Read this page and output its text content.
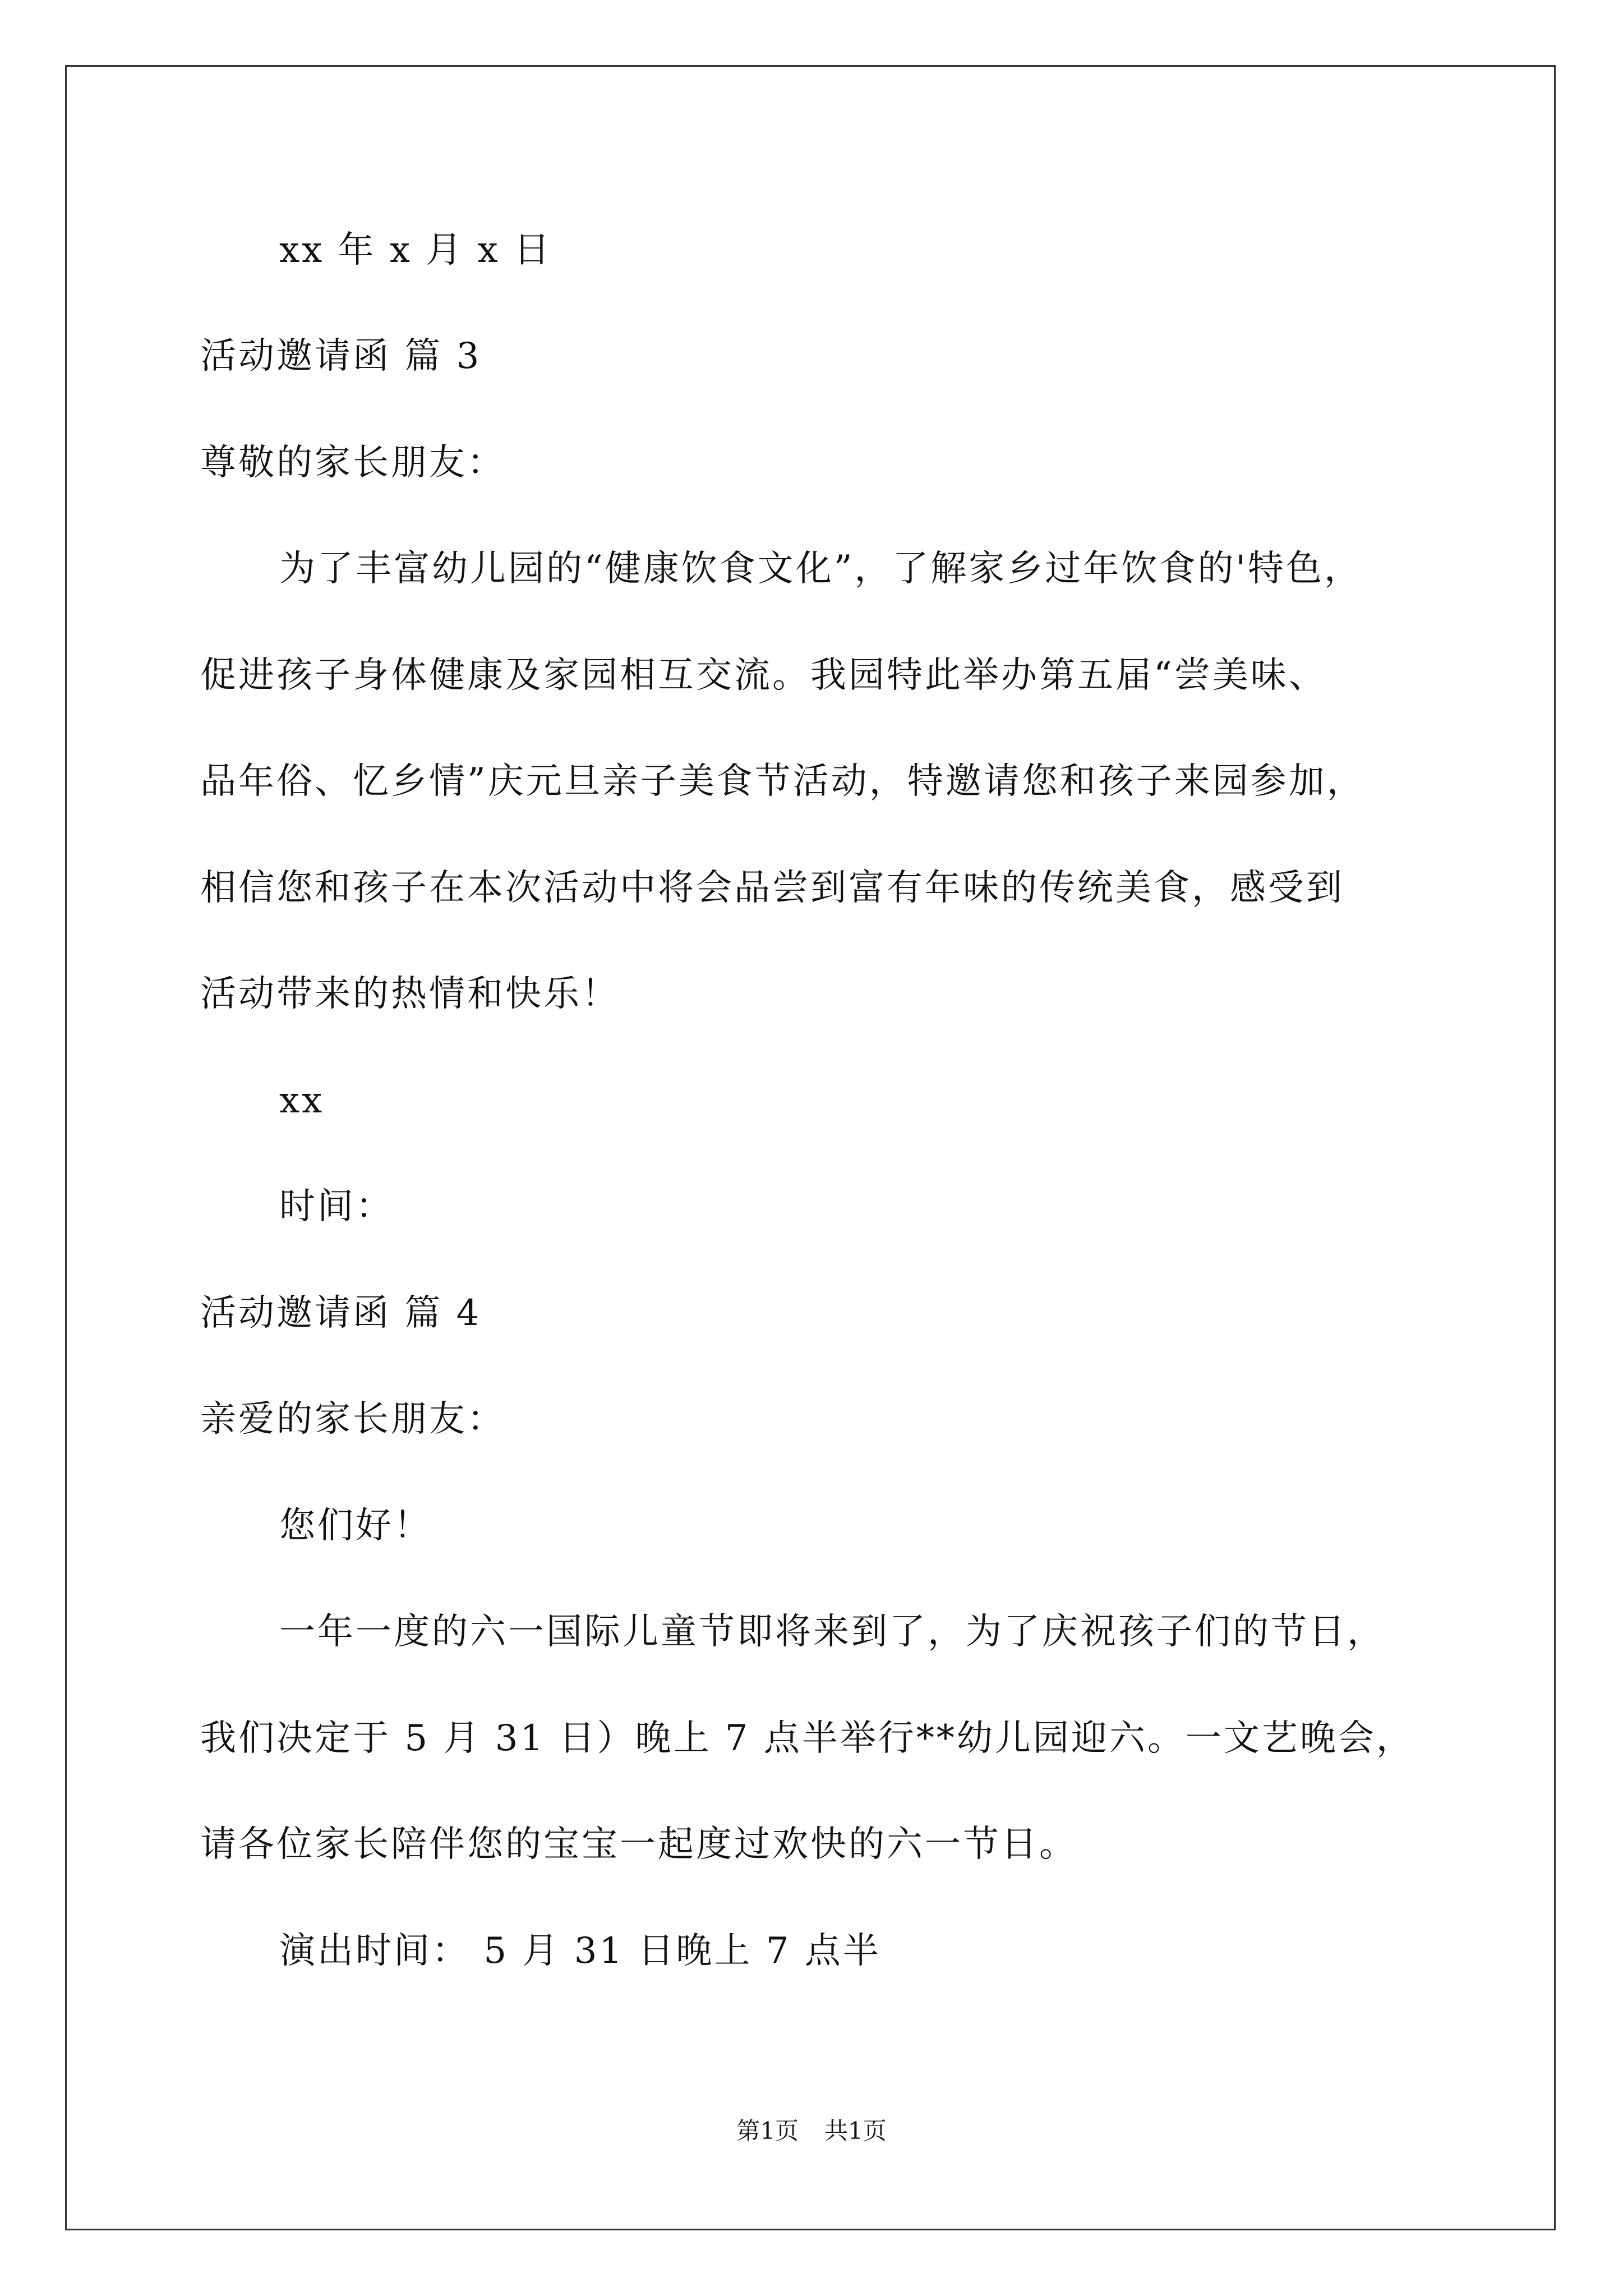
xx 年 x 月 x 日
活动邀请函 篇 3
尊敬的家长朋友：
为了丰富幼儿园的“健康饮食文化”，了解家乡过年饮食的'特色，
促进孩子身体健康及家园相互交流。我园特此举办第五届“尝美味、
品年俗、忆乡情”庆元旦亲子美食节活动，特邀请您和孩子来园参加，
相信您和孩子在本次活动中将会品尝到富有年味的传统美食，感受到
活动带来的热情和快乐！
xx
时间：
活动邀请函 篇 4
亲爱的家长朋友：
您们好！
一年一度的六一国际儿童节即将来到了，为了庆祝孩子们的节日，
我们决定于 5 月 31 日）晚上 7 点半举行**幼儿园迎六。一文艺晚会，
请各位家长陪伴您的宝宝一起度过欢快的六一节日。
演出时间： 5 月 31 日晚上 7 点半
第1页 共1页
